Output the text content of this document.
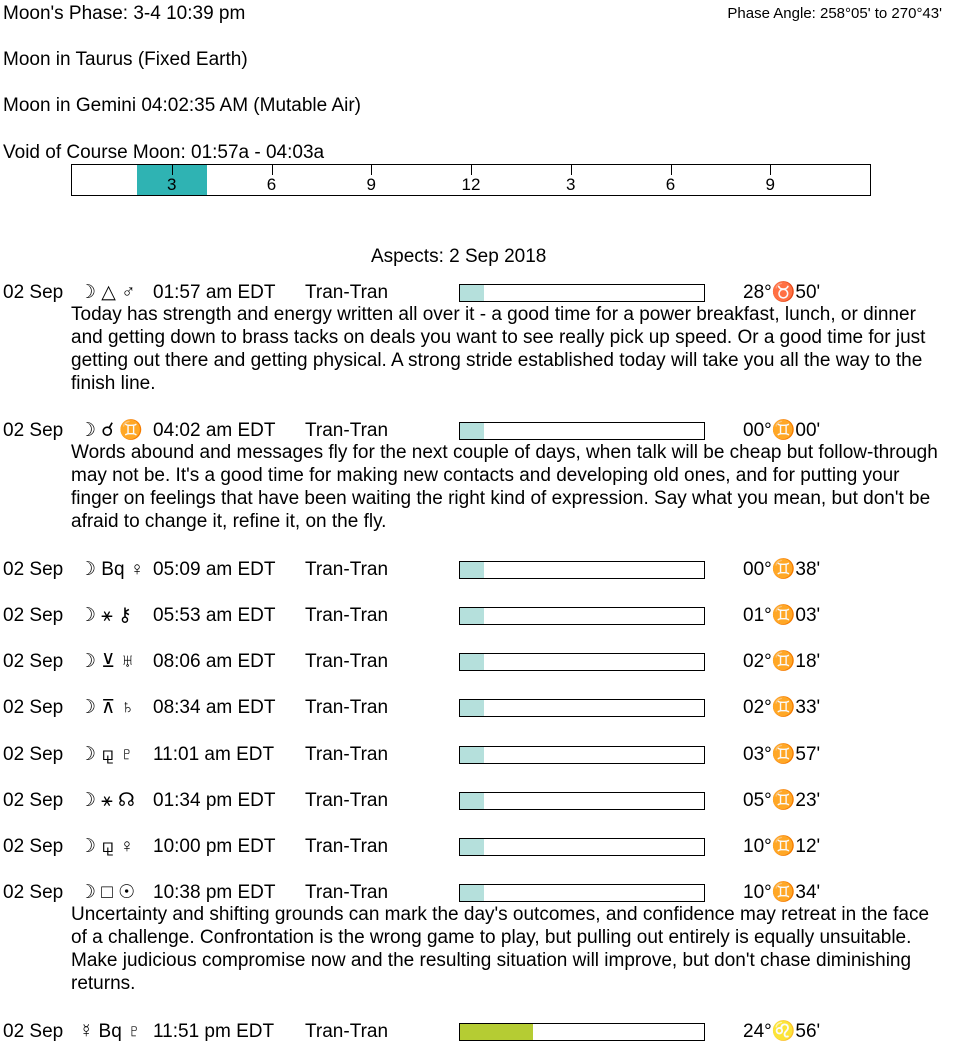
Moon's Phase: 3-4 10:39 pm	Phase Angle: 258°05' to 270°43'
Moon in Taurus (Fixed Earth)
Moon in Gemini 04:02:35 AM (Mutable Air)
Void of Course Moon: 01:57a - 04:03a
3	6	9	12	3	6	9
Aspects: 2 Sep 2018
02 Sep ☽ △ ♂ 01:57 am EDT Tran-Tran	28°♉50'
Today has strength and energy written all over it - a good time for a power breakfast, lunch, or dinner and getting down to brass tacks on deals you want to see really pick up speed. Or a good time for just getting out there and getting physical. A strong stride established today will take you all the way to the finish line.
02 Sep ☽ ☌ ♊ 04:02 am EDT Tran-Tran	00°♊00'
Words abound and messages fly for the next couple of days, when talk will be cheap but follow-through may not be. It's a good time for making new contacts and developing old ones, and for putting your finger on feelings that have been waiting the right kind of expression. Say what you mean, but don't be afraid to change it, refine it, on the fly.
02 Sep ☽ Bq ♀ 05:09 am EDT Tran-Tran	00°♊38'
02 Sep ☽ ⚹ ⚷ 05:53 am EDT Tran-Tran	01°♊03'
02 Sep ☽ ⊻ ♅ 08:06 am EDT Tran-Tran	02°♊18'
02 Sep ☽ ⊼ ♄ 08:34 am EDT Tran-Tran	02°♊33'
02 Sep ☽ ⚼ ♇ 11:01 am EDT Tran-Tran	03°♊57'
02 Sep ☽ ⚹ ☊ 01:34 pm EDT Tran-Tran	05°♊23'
02 Sep ☽ ⚼ ♀ 10:00 pm EDT Tran-Tran	10°♊12'
02 Sep ☽ □ ☉ 10:38 pm EDT Tran-Tran	10°♊34'
Uncertainty and shifting grounds can mark the day's outcomes, and confidence may retreat in the face of a challenge. Confrontation is the wrong game to play, but pulling out entirely is equally unsuitable. Make judicious compromise now and the resulting situation will improve, but don't chase diminishing returns.
02 Sep ☿ Bq ♇ 11:51 pm EDT Tran-Tran	24°♌56'
